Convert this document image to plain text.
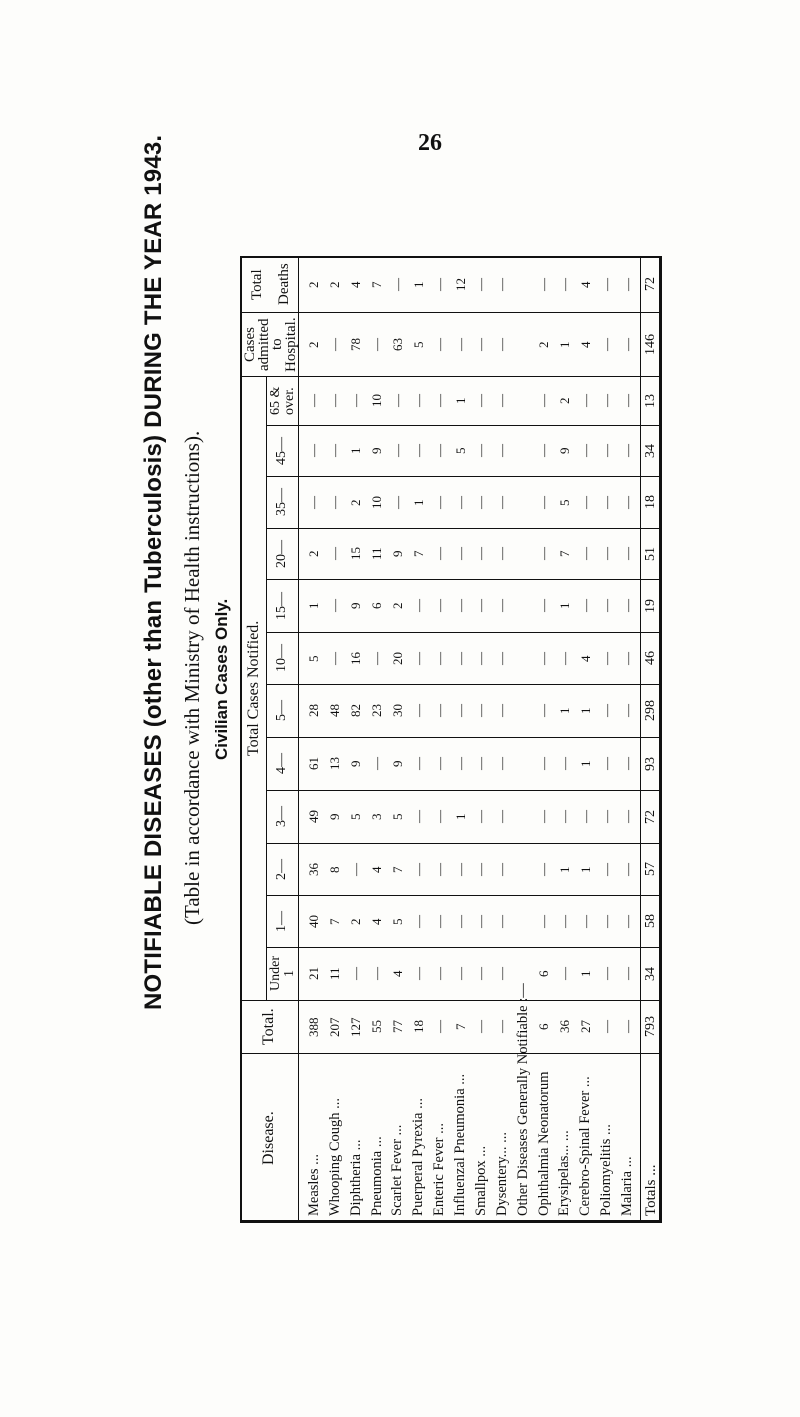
26
NOTIFIABLE DISEASES (other than Tuberculosis) DURING THE YEAR 1943. (Table in accordance with Ministry of Health instructions). Civilian Cases Only.
Total Deaths
Cases
admitted
to
Hospital.
Total.
Disease.
Total Cases Notified.
Under 1
1—
2—
3—
4—
5—
10—
15—
20—
35—
45—
65 & over.
Measles ...
388
21
40
36
49
61
28
5
1
2
—
—
—
2
2
Whooping Cough ...
207
11
7
8
9
13
48
—
—
—
—
—
—
—
2
Diphtheria ...
127
—
2
—
5
9
82
16
9
15
2
1
—
78
4
Pneumonia ...
55
—
4
4
3
—
23
—
6
11
10
9
10
—
7
Scarlet Fever ...
77
4
5
7
5
9
30
20
2
9
—
—
—
63
—
Puerperal Pyrexia ...
18
—
—
—
—
—
—
—
—
7
1
—
—
5
1
Enteric Fever ...
—
—
—
—
—
—
—
—
—
—
—
—
—
—
—
Influenzal Pneumonia ...
7
—
—
—
1
—
—
—
—
—
—
5
1
—
12
Smallpox ...
—
—
—
—
—
—
—
—
—
—
—
—
—
—
—
Dysentery... ...
—
—
—
—
—
—
—
—
—
—
—
—
—
—
—
Other Diseases Generally Notifiable :— Ophthalmia Neonatorum
6
6
—
—
—
—
—
—
—
—
—
—
—
2
—
Erysipelas... ...
36
—
—
1
—
—
1
—
1
7
5
9
2
1
—
Cerebro-Spinal Fever ...
27
1
—
1
—
1
1
4
—
—
—
—
—
4
4
Poliomyelitis ...
—
—
—
—
—
—
—
—
—
—
—
—
—
—
—
Malaria ...
—
—
—
—
—
—
—
—
—
—
—
—
—
—
—
Totals ...
793
34
58
57
72
93
298
46
19
51
18
34
13
146
72
